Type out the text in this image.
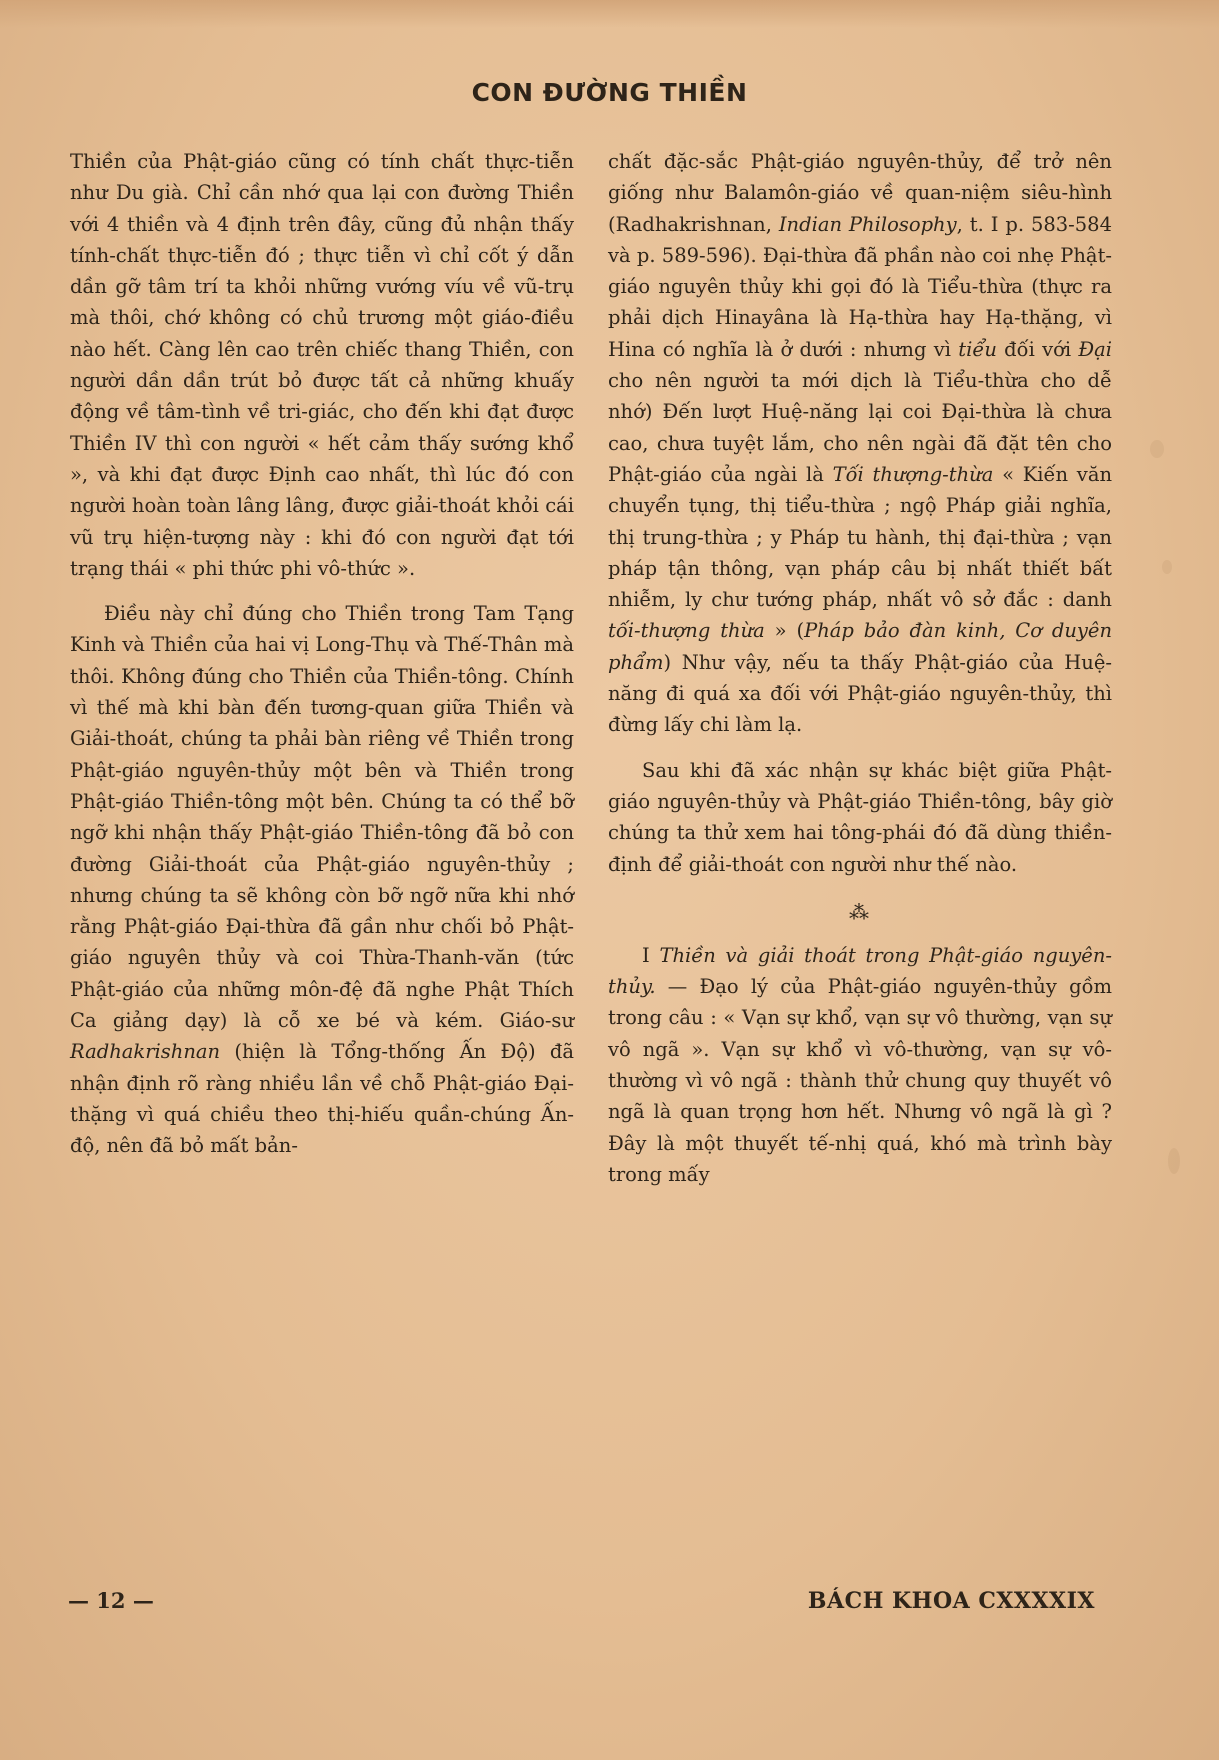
CON ĐƯỜNG THIỀN

Thiền của Phật-giáo cũng có tính chất thực-tiễn như Du già. Chỉ cần nhớ qua lại con đường Thiền với 4 thiền và 4 định trên đây, cũng đủ nhận thấy tính-chất thực-tiễn đó ; thực tiễn vì chỉ cốt ý dẫn dần gỡ tâm trí ta khỏi những vướng víu về vũ-trụ mà thôi, chớ không có chủ trương một giáo-điều nào hết. Càng lên cao trên chiếc thang Thiền, con người dần dần trút bỏ được tất cả những khuấy động về tâm-tình về tri-giác, cho đến khi đạt được Thiền IV thì con người « hết cảm thấy sướng khổ », và khi đạt được Định cao nhất, thì lúc đó con người hoàn toàn lâng lâng, được giải-thoát khỏi cái vũ trụ hiện-tượng này : khi đó con người đạt tới trạng thái « phi thức phi vô-thức ».

Điều này chỉ đúng cho Thiền trong Tam Tạng Kinh và Thiền của hai vị Long-Thụ và Thế-Thân mà thôi. Không đúng cho Thiền của Thiền-tông. Chính vì thế mà khi bàn đến tương-quan giữa Thiền và Giải-thoát, chúng ta phải bàn riêng về Thiền trong Phật-giáo nguyên-thủy một bên và Thiền trong Phật-giáo Thiền-tông một bên. Chúng ta có thể bỡ ngỡ khi nhận thấy Phật-giáo Thiền-tông đã bỏ con đường Giải-thoát của Phật-giáo nguyên-thủy ; nhưng chúng ta sẽ không còn bỡ ngỡ nữa khi nhớ rằng Phật-giáo Đại-thừa đã gần như chối bỏ Phật-giáo nguyên thủy và coi Thừa-Thanh-văn (tức Phật-giáo của những môn-đệ đã nghe Phật Thích Ca giảng dạy) là cỗ xe bé và kém. Giáo-sư Radhakrishnan (hiện là Tổng-thống Ấn Độ) đã nhận định rõ ràng nhiều lần về chỗ Phật-giáo Đại-thặng vì quá chiều theo thị-hiếu quần-chúng Ấn-độ, nên đã bỏ mất bản-

chất đặc-sắc Phật-giáo nguyên-thủy, để trở nên giống như Balamôn-giáo về quan-niệm siêu-hình (Radhakrishnan, Indian Philosophy, t. I p. 583-584 và p. 589-596). Đại-thừa đã phần nào coi nhẹ Phật-giáo nguyên thủy khi gọi đó là Tiểu-thừa (thực ra phải dịch Hinayâna là Hạ-thừa hay Hạ-thặng, vì Hina có nghĩa là ở dưới : nhưng vì tiểu đối với Đại cho nên người ta mới dịch là Tiểu-thừa cho dễ nhớ) Đến lượt Huệ-năng lại coi Đại-thừa là chưa cao, chưa tuyệt lắm, cho nên ngài đã đặt tên cho Phật-giáo của ngài là Tối thượng-thừa « Kiến văn chuyển tụng, thị tiểu-thừa ; ngộ Pháp giải nghĩa, thị trung-thừa ; y Pháp tu hành, thị đại-thừa ; vạn pháp tận thông, vạn pháp câu bị nhất thiết bất nhiễm, ly chư tướng pháp, nhất vô sở đắc : danh tối-thượng thừa » (Pháp bảo đàn kinh, Cơ duyên phẩm) Như vậy, nếu ta thấy Phật-giáo của Huệ-năng đi quá xa đối với Phật-giáo nguyên-thủy, thì đừng lấy chi làm lạ.

Sau khi đã xác nhận sự khác biệt giữa Phật-giáo nguyên-thủy và Phật-giáo Thiền-tông, bây giờ chúng ta thử xem hai tông-phái đó đã dùng thiền-định để giải-thoát con người như thế nào.

⁂

I Thiền và giải thoát trong Phật-giáo nguyên-thủy. — Đạo lý của Phật-giáo nguyên-thủy gồm trong câu : « Vạn sự khổ, vạn sự vô thường, vạn sự vô ngã ». Vạn sự khổ vì vô-thường, vạn sự vô-thường vì vô ngã : thành thử chung quy thuyết vô ngã là quan trọng hơn hết. Nhưng vô ngã là gì ? Đây là một thuyết tế-nhị quá, khó mà trình bày trong mấy

— 12 —	BÁCH KHOA CXXXXIX
